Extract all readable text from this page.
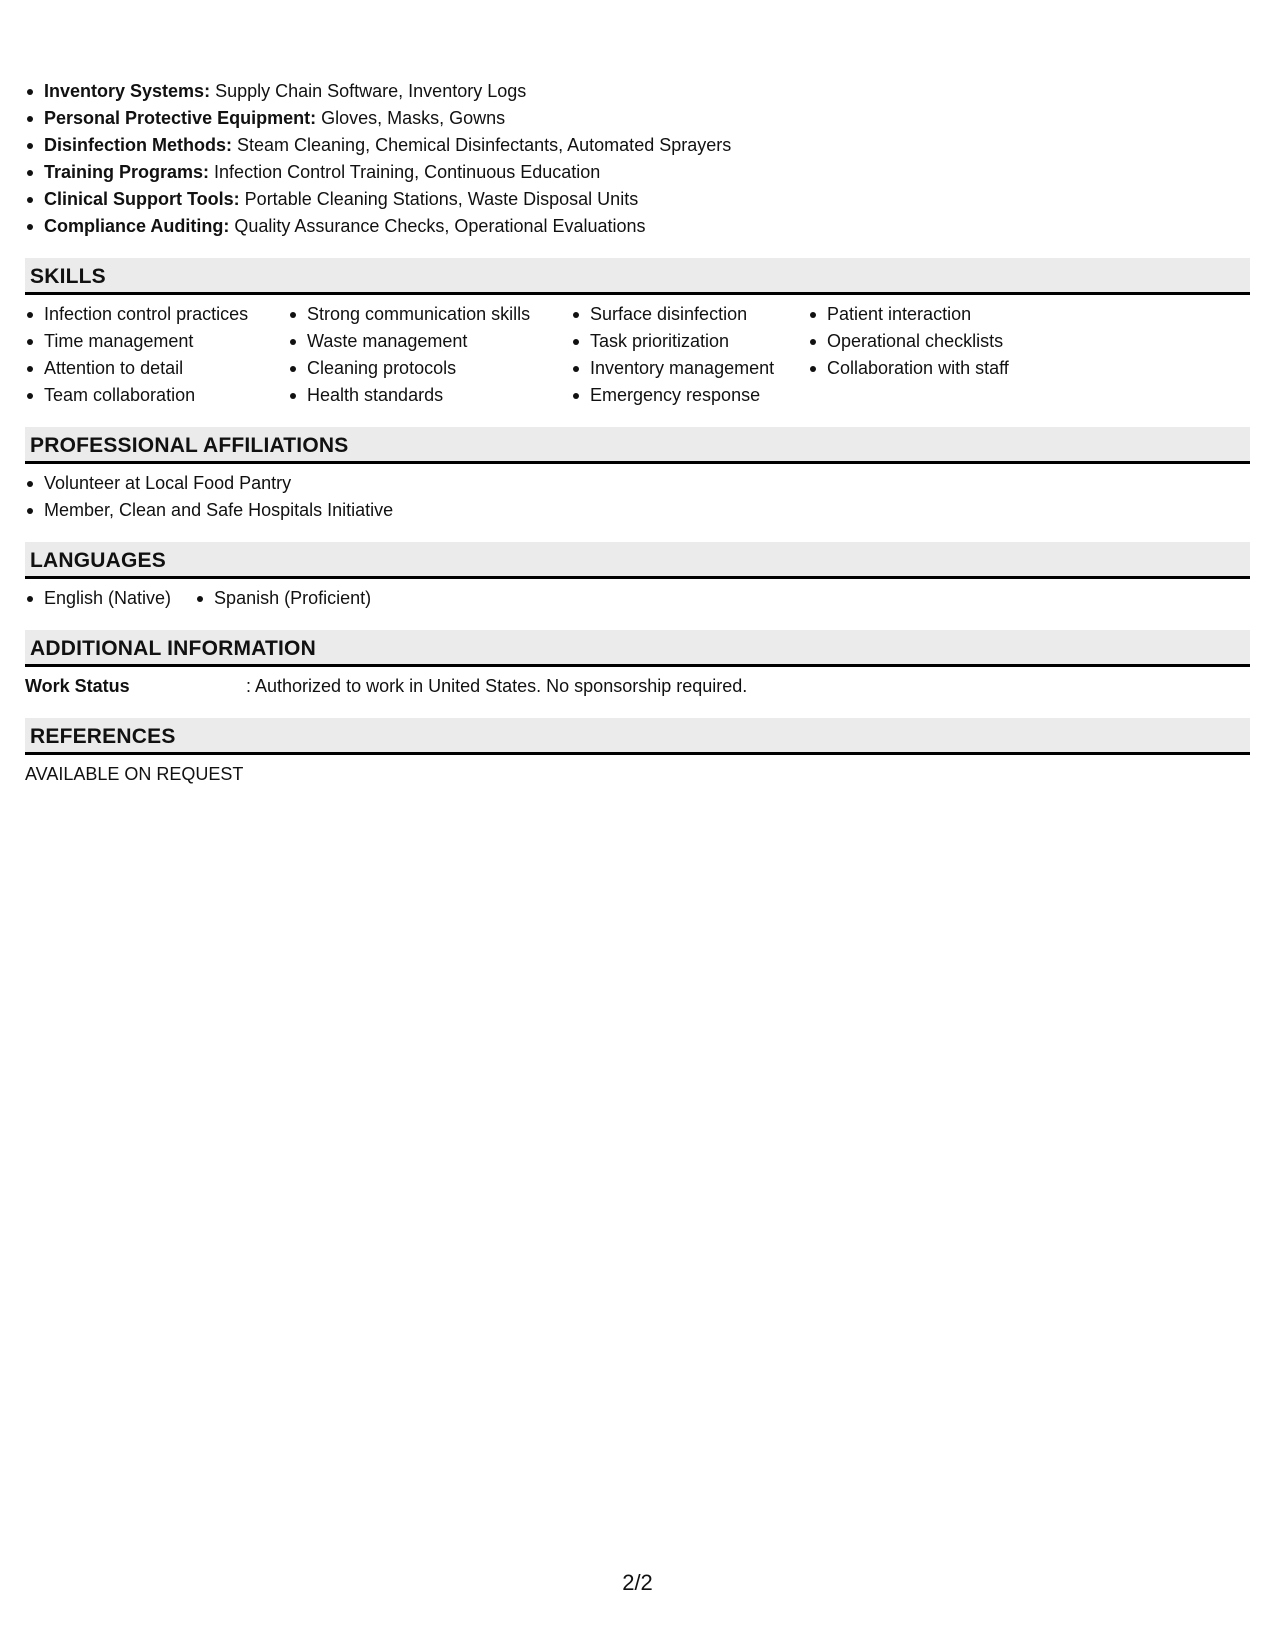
Inventory Systems: Supply Chain Software, Inventory Logs
Personal Protective Equipment: Gloves, Masks, Gowns
Disinfection Methods: Steam Cleaning, Chemical Disinfectants, Automated Sprayers
Training Programs: Infection Control Training, Continuous Education
Clinical Support Tools: Portable Cleaning Stations, Waste Disposal Units
Compliance Auditing: Quality Assurance Checks, Operational Evaluations
SKILLS
Infection control practices
Time management
Attention to detail
Team collaboration
Strong communication skills
Waste management
Cleaning protocols
Health standards
Surface disinfection
Task prioritization
Inventory management
Emergency response
Patient interaction
Operational checklists
Collaboration with staff
PROFESSIONAL AFFILIATIONS
Volunteer at Local Food Pantry
Member, Clean and Safe Hospitals Initiative
LANGUAGES
English (Native)	Spanish (Proficient)
ADDITIONAL INFORMATION
Work Status	: Authorized to work in United States. No sponsorship required.
REFERENCES
AVAILABLE ON REQUEST
2/2
